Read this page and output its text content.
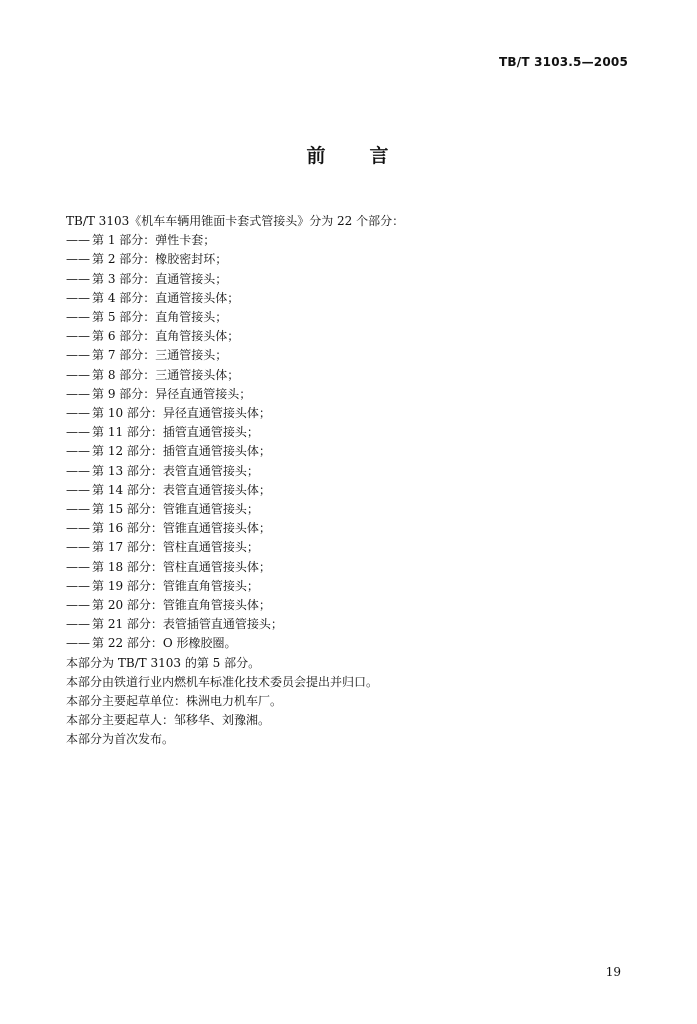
TB/T 3103.5—2005
前　　言
TB/T 3103《机车车辆用锥面卡套式管接头》分为 22 个部分：
—— 第 1 部分：弹性卡套；
—— 第 2 部分：橡胶密封环；
—— 第 3 部分：直通管接头；
—— 第 4 部分：直通管接头体；
—— 第 5 部分：直角管接头；
—— 第 6 部分：直角管接头体；
—— 第 7 部分：三通管接头；
—— 第 8 部分：三通管接头体；
—— 第 9 部分：异径直通管接头；
—— 第 10 部分：异径直通管接头体；
—— 第 11 部分：插管直通管接头；
—— 第 12 部分：插管直通管接头体；
—— 第 13 部分：表管直通管接头；
—— 第 14 部分：表管直通管接头体；
—— 第 15 部分：管锥直通管接头；
—— 第 16 部分：管锥直通管接头体；
—— 第 17 部分：管柱直通管接头；
—— 第 18 部分：管柱直通管接头体；
—— 第 19 部分：管锥直角管接头；
—— 第 20 部分：管锥直角管接头体；
—— 第 21 部分：表管插管直通管接头；
—— 第 22 部分：O 形橡胶圈。
本部分为 TB/T 3103 的第 5 部分。
本部分由铁道行业内燃机车标准化技术委员会提出并归口。
本部分主要起草单位：株洲电力机车厂。
本部分主要起草人：邹移华、刘豫湘。
本部分为首次发布。
19
